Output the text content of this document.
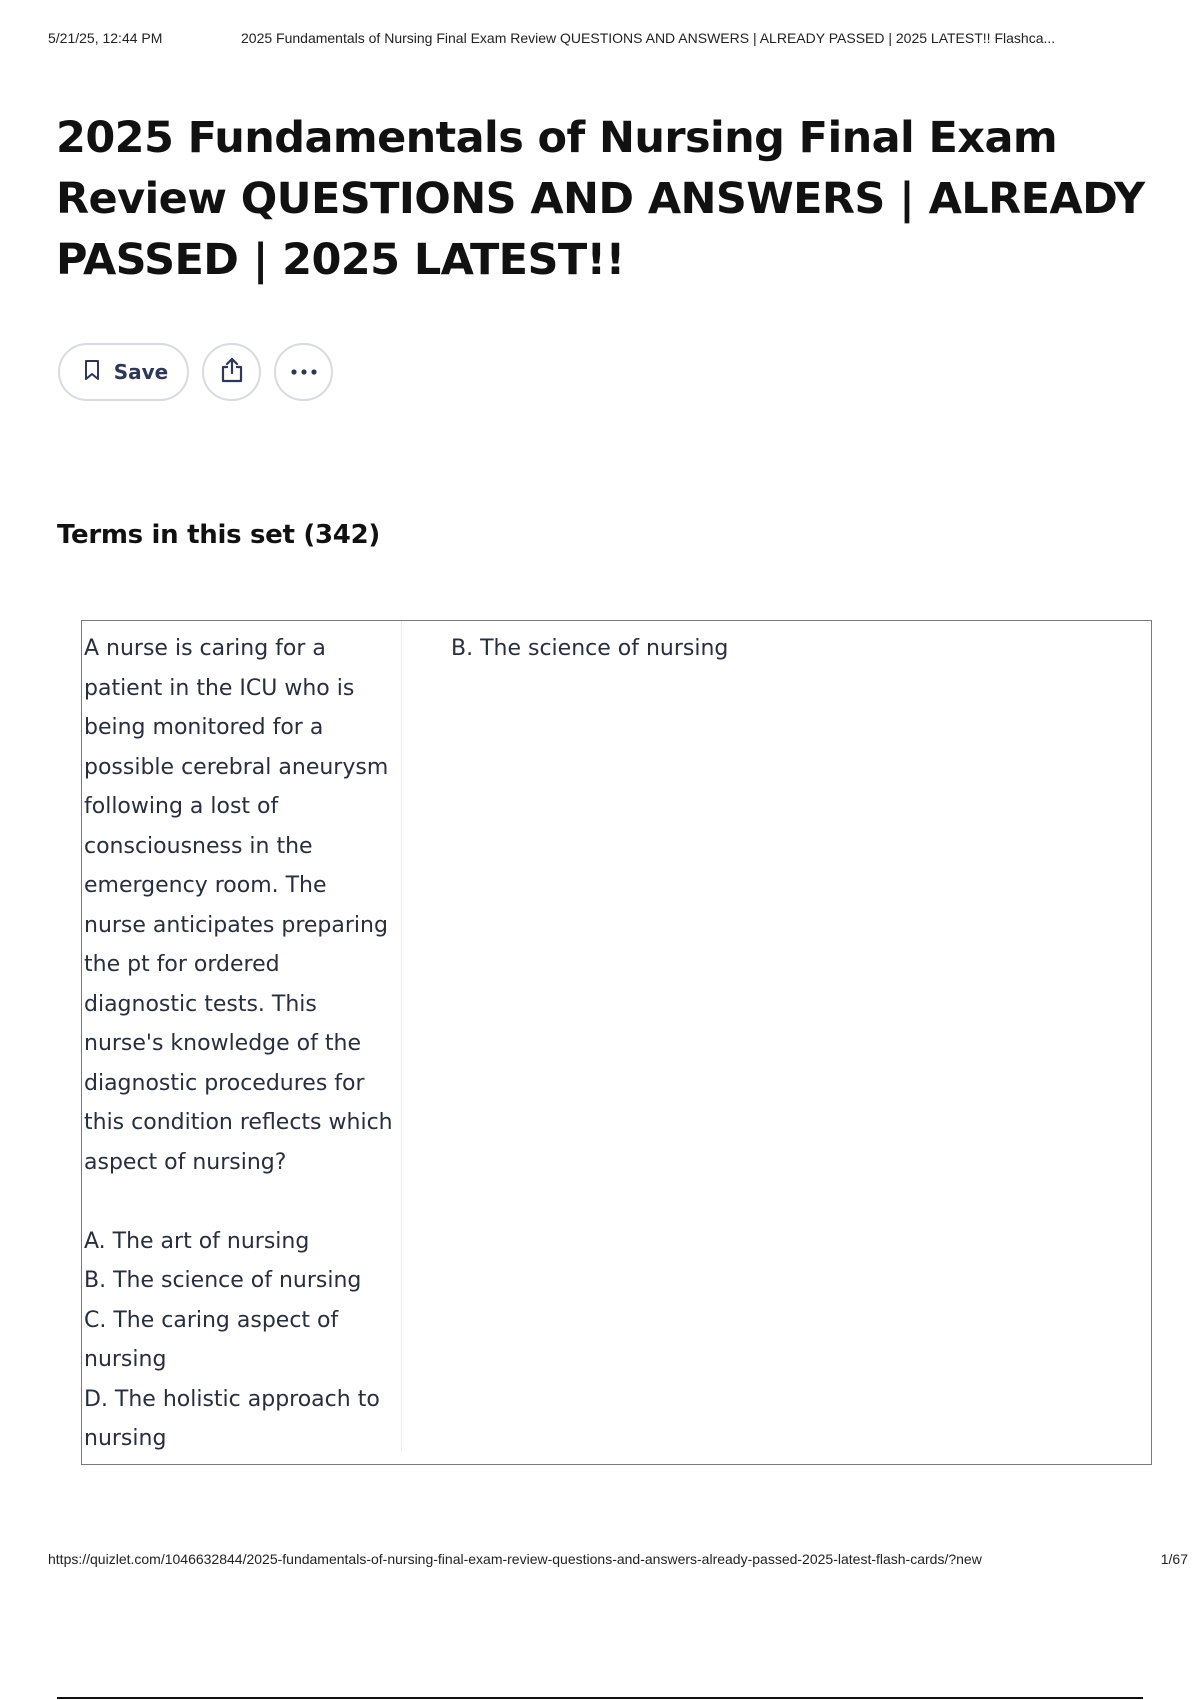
5/21/25, 12:44 PM	2025 Fundamentals of Nursing Final Exam Review QUESTIONS AND ANSWERS | ALREADY PASSED | 2025 LATEST!! Flashca...
2025 Fundamentals of Nursing Final Exam Review QUESTIONS AND ANSWERS | ALREADY PASSED | 2025 LATEST!!
Save
Terms in this set (342)
A nurse is caring for a patient in the ICU who is being monitored for a possible cerebral aneurysm following a lost of consciousness in the emergency room. The nurse anticipates preparing the pt for ordered diagnostic tests. This nurse's knowledge of the diagnostic procedures for this condition reflects which aspect of nursing?

A. The art of nursing
B. The science of nursing
C. The caring aspect of nursing
D. The holistic approach to nursing
B. The science of nursing
https://quizlet.com/1046632844/2025-fundamentals-of-nursing-final-exam-review-questions-and-answers-already-passed-2025-latest-flash-cards/?new	1/67
